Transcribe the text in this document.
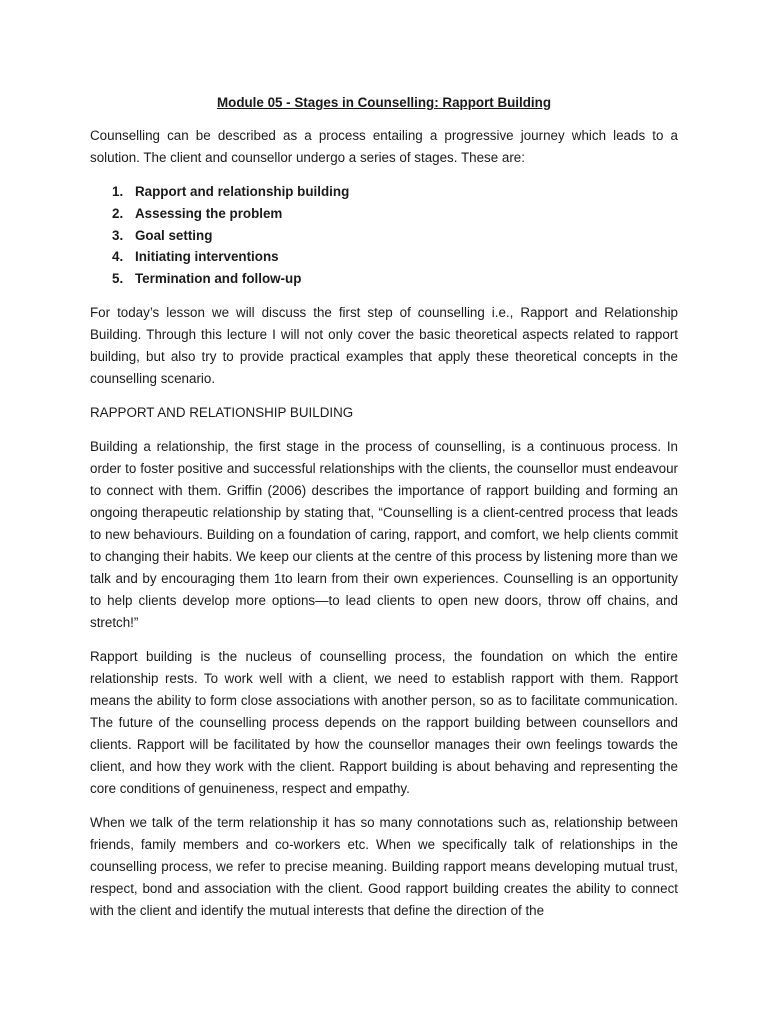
Module 05 - Stages in Counselling: Rapport Building

Counselling can be described as a process entailing a progressive journey which leads to a solution. The client and counsellor undergo a series of stages. These are:

1. Rapport and relationship building
2. Assessing the problem
3. Goal setting
4. Initiating interventions
5. Termination and follow-up

For today’s lesson we will discuss the first step of counselling i.e., Rapport and Relationship Building. Through this lecture I will not only cover the basic theoretical aspects related to rapport building, but also try to provide practical examples that apply these theoretical concepts in the counselling scenario.

RAPPORT AND RELATIONSHIP BUILDING

Building a relationship, the first stage in the process of counselling, is a continuous process. In order to foster positive and successful relationships with the clients, the counsellor must endeavour to connect with them. Griffin (2006) describes the importance of rapport building and forming an ongoing therapeutic relationship by stating that, “Counselling is a client-centred process that leads to new behaviours. Building on a foundation of caring, rapport, and comfort, we help clients commit to changing their habits. We keep our clients at the centre of this process by listening more than we talk and by encouraging them 1to learn from their own experiences. Counselling is an opportunity to help clients develop more options—to lead clients to open new doors, throw off chains, and stretch!”

Rapport building is the nucleus of counselling process, the foundation on which the entire relationship rests. To work well with a client, we need to establish rapport with them. Rapport means the ability to form close associations with another person, so as to facilitate communication. The future of the counselling process depends on the rapport building between counsellors and clients. Rapport will be facilitated by how the counsellor manages their own feelings towards the client, and how they work with the client. Rapport building is about behaving and representing the core conditions of genuineness, respect and empathy.

When we talk of the term relationship it has so many connotations such as, relationship between friends, family members and co-workers etc. When we specifically talk of relationships in the counselling process, we refer to precise meaning. Building rapport means developing mutual trust, respect, bond and association with the client. Good rapport building creates the ability to connect with the client and identify the mutual interests that define the direction of the
